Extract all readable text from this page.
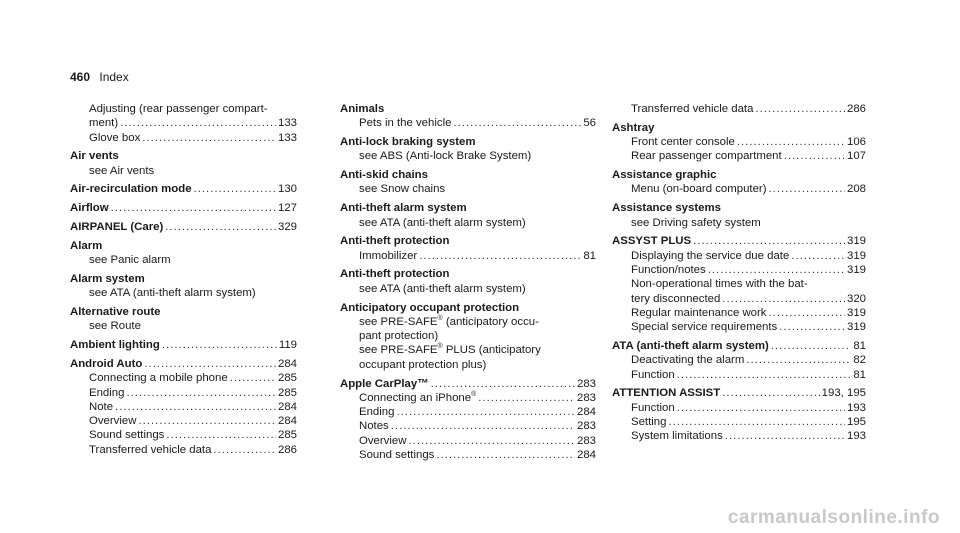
460 Index
Adjusting (rear passenger compart-
ment) .....	133
Glove box .....	133
Air vents
see Air vents
Air-recirculation mode .....	130
Airflow .....	127
AIRPANEL (Care) .....	329
Alarm
see Panic alarm
Alarm system
see ATA (anti-theft alarm system)
Alternative route
see Route
Ambient lighting .....	119
Android Auto .....	284
Connecting a mobile phone .....	285
Ending .....	285
Note .....	284
Overview .....	284
Sound settings .....	285
Transferred vehicle data .....	286
Animals
Pets in the vehicle .....	56
Anti-lock braking system
see ABS (Anti-lock Brake System)
Anti-skid chains
see Snow chains
Anti-theft alarm system
see ATA (anti-theft alarm system)
Anti-theft protection
Immobilizer .....	81
Anti-theft protection
see ATA (anti-theft alarm system)
Anticipatory occupant protection
see PRE-SAFE® (anticipatory occu-
pant protection)
see PRE-SAFE® PLUS (anticipatory
occupant protection plus)
Apple CarPlay™ .....	283
Connecting an iPhone® .....	283
Ending .....	284
Notes .....	283
Overview .....	283
Sound settings .....	284
Transferred vehicle data .....	286
Ashtray
Front center console .....	106
Rear passenger compartment .....	107
Assistance graphic
Menu (on-board computer) .....	208
Assistance systems
see Driving safety system
ASSYST PLUS .....	319
Displaying the service due date .....	319
Function/notes .....	319
Non-operational times with the bat-
tery disconnected .....	320
Regular maintenance work .....	319
Special service requirements .....	319
ATA (anti-theft alarm system) .....	81
Deactivating the alarm .....	82
Function .....	81
ATTENTION ASSIST .....	193, 195
Function .....	193
Setting .....	195
System limitations .....	193
carmanualsonline.info
